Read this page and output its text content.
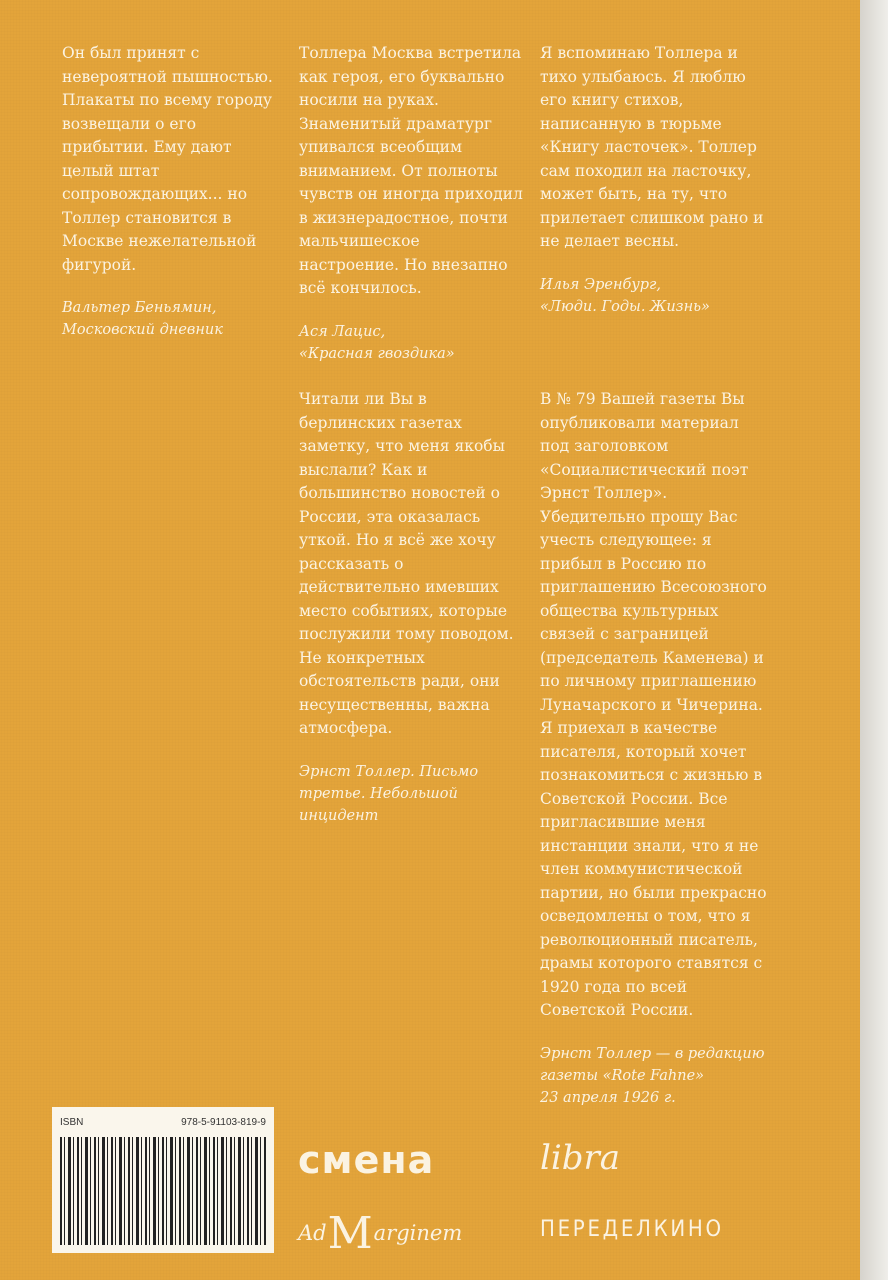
Он был принят с невероятной пышностью. Плакаты по всему городу возвещали о его прибытии. Ему дают целый штат сопровождающих... но Толлер становится в Москве нежелательной фигурой.

Вальтер Беньямин,
Московский дневник

Толлера Москва встретила как героя, его буквально носили на руках. Знаменитый драматург упивался всеобщим вниманием. От полноты чувств он иногда приходил в жизнерадостное, почти мальчишеское настроение. Но внезапно всё кончилось.

Ася Лацис,
«Красная гвоздика»

Я вспоминаю Толлера и тихо улыбаюсь. Я люблю его книгу стихов, написанную в тюрьме «Книгу ласточек». Толлер сам походил на ласточку, может быть, на ту, что прилетает слишком рано и не делает весны.

Илья Эренбург,
«Люди. Годы. Жизнь»

Читали ли Вы в берлинских газетах заметку, что меня якобы выслали? Как и большинство новостей о России, эта оказалась уткой. Но я всё же хочу рассказать о действительно имевших место событиях, которые послужили тому поводом. Не конкретных обстоятельств ради, они несущественны, важна атмосфера.

Эрнст Толлер. Письмо
третье. Небольшой
инцидент

В № 79 Вашей газеты Вы опубликовали материал под заголовком «Социалистический поэт Эрнст Толлер». Убедительно прошу Вас учесть следующее: я прибыл в Россию по приглашению Всесоюзного общества культурных связей с заграницей (председатель Каменева) и по личному приглашению Луначарского и Чичерина. Я приехал в качестве писателя, который хочет познакомиться с жизнью в Советской России. Все пригласившие меня инстанции знали, что я не член коммунистической партии, но были прекрасно осведомлены о том, что я революционный писатель, драмы которого ставятся с 1920 года по всей Советской России.

Эрнст Толлер — в редакцию газеты «Rote Fahne»
23 апреля 1926 г.
ISBN	978-5-91103-819-9
смена	libra
AdMarginem	ПЕРЕДЕЛКИНО
